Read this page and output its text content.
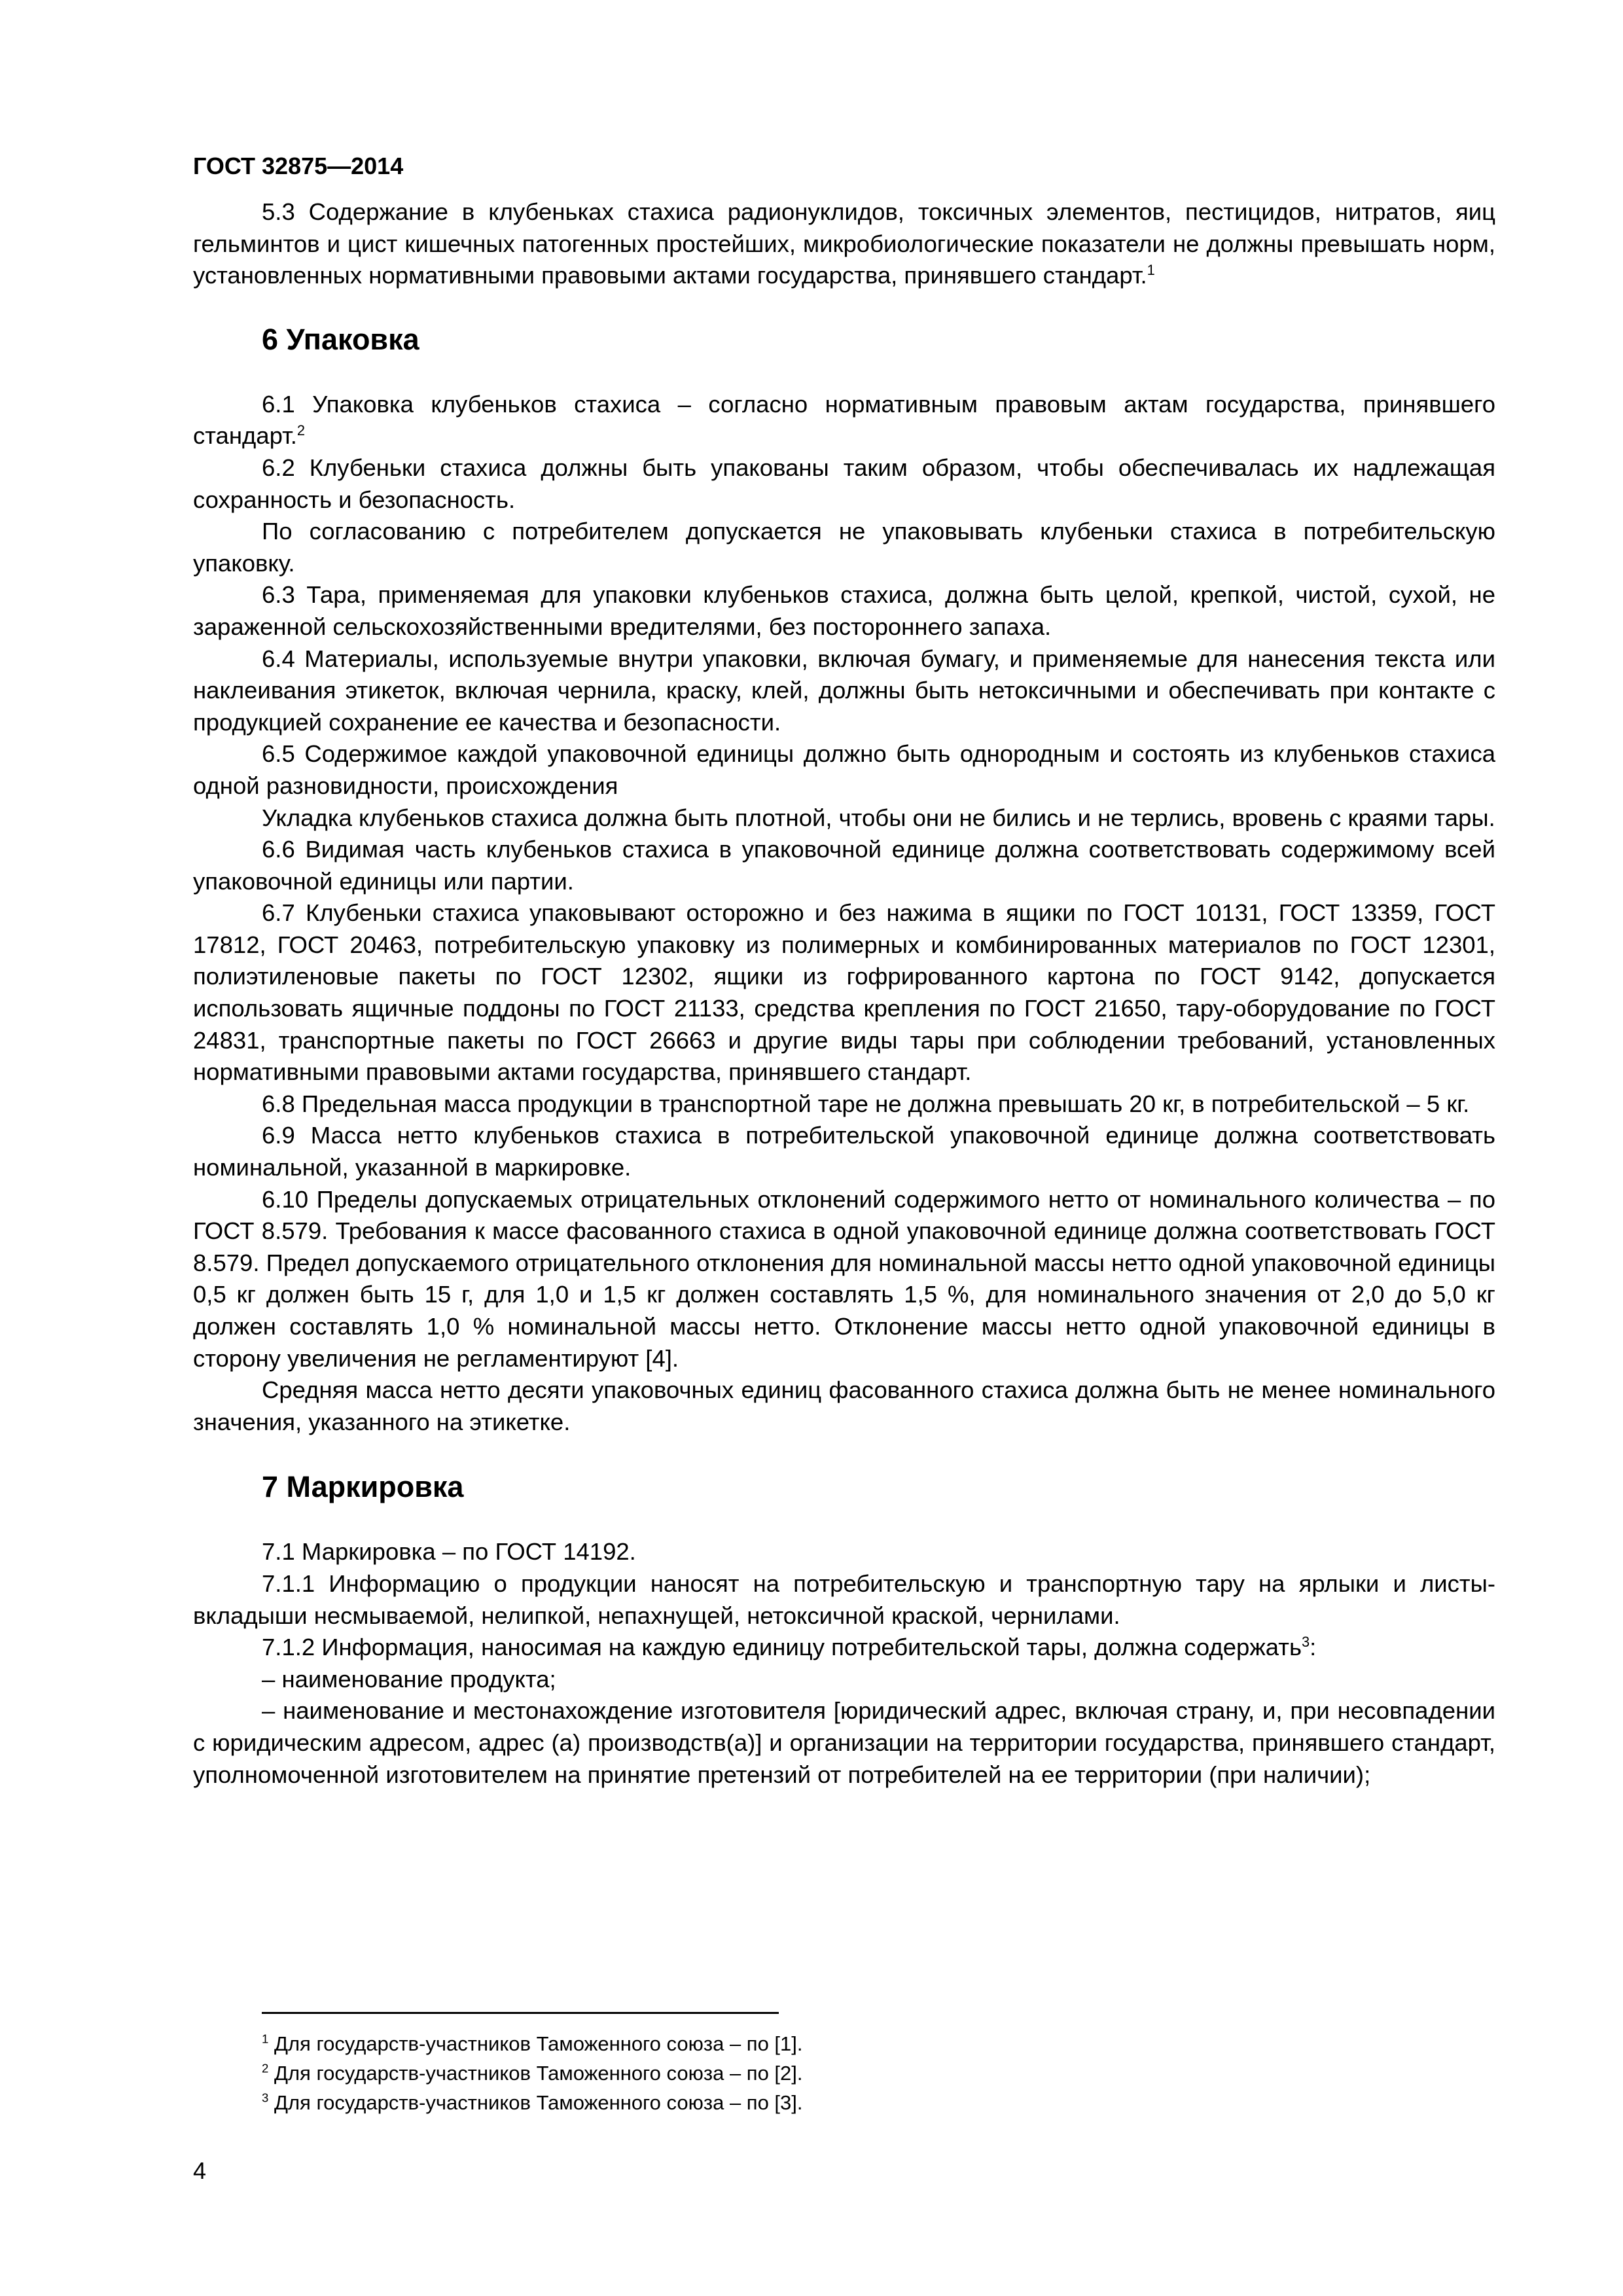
ГОСТ 32875—2014

5.3 Содержание в клубеньках стахиса радионуклидов, токсичных элементов, пестицидов, нитратов, яиц гельминтов и цист кишечных патогенных простейших, микробиологические показатели не должны превышать норм, установленных нормативными правовыми актами государства, принявшего стандарт.$^1$

6 Упаковка

6.1 Упаковка клубеньков стахиса – согласно нормативным правовым актам государства, принявшего стандарт.$^2$

6.2 Клубеньки стахиса должны быть упакованы таким образом, чтобы обеспечивалась их надлежащая сохранность и безопасность.

По согласованию с потребителем допускается не упаковывать клубеньки стахиса в потребительскую упаковку.

6.3 Тара, применяемая для упаковки клубеньков стахиса, должна быть целой, крепкой, чистой, сухой, не зараженной сельскохозяйственными вредителями, без постороннего запаха.

6.4 Материалы, используемые внутри упаковки, включая бумагу, и применяемые для нанесения текста или наклеивания этикеток, включая чернила, краску, клей, должны быть нетоксичными и обеспечивать при контакте с продукцией сохранение ее качества и безопасности.

6.5 Содержимое каждой упаковочной единицы должно быть однородным и состоять из клубеньков стахиса одной разновидности, происхождения

Укладка клубеньков стахиса должна быть плотной, чтобы они не бились и не терлись, вровень с краями тары.

6.6 Видимая часть клубеньков стахиса в упаковочной единице должна соответствовать содержимому всей упаковочной единицы или партии.

6.7 Клубеньки стахиса упаковывают осторожно и без нажима в ящики по ГОСТ 10131, ГОСТ 13359, ГОСТ 17812, ГОСТ 20463, потребительскую упаковку из полимерных и комбинированных материалов по ГОСТ 12301, полиэтиленовые пакеты по ГОСТ 12302, ящики из гофрированного картона по ГОСТ 9142, допускается использовать ящичные поддоны по ГОСТ 21133, средства крепления по ГОСТ 21650, тару-оборудование по ГОСТ 24831, транспортные пакеты по ГОСТ 26663 и другие виды тары при соблюдении требований, установленных нормативными правовыми актами государства, принявшего стандарт.

6.8 Предельная масса продукции в транспортной таре не должна превышать 20 кг, в потребительской – 5 кг.

6.9 Масса нетто клубеньков стахиса в потребительской упаковочной единице должна соответствовать номинальной, указанной в маркировке.

6.10 Пределы допускаемых отрицательных отклонений содержимого нетто от номинального количества – по ГОСТ 8.579. Требования к массе фасованного стахиса в одной упаковочной единице должна соответствовать ГОСТ 8.579. Предел допускаемого отрицательного отклонения для номинальной массы нетто одной упаковочной единицы 0,5 кг должен быть 15 г, для 1,0 и 1,5 кг должен составлять 1,5 %, для номинального значения от 2,0 до 5,0 кг должен составлять 1,0 % номинальной массы нетто. Отклонение массы нетто одной упаковочной единицы в сторону увеличения не регламентируют [4].

Средняя масса нетто десяти упаковочных единиц фасованного стахиса должна быть не менее номинального значения, указанного на этикетке.

7 Маркировка

7.1 Маркировка – по ГОСТ 14192.

7.1.1 Информацию о продукции наносят на потребительскую и транспортную тару на ярлыки и листы-вкладыши несмываемой, нелипкой, непахнущей, нетоксичной краской, чернилами.

7.1.2 Информация, наносимая на каждую единицу потребительской тары, должна содержать$^3$:

– наименование продукта;

– наименование и местонахождение изготовителя [юридический адрес, включая страну, и, при несовпадении с юридическим адресом, адрес (а) производств(а)] и организации на территории государства, принявшего стандарт, уполномоченной изготовителем на принятие претензий от потребителей на ее территории (при наличии);

$^1$ Для государств-участников Таможенного союза – по [1].
$^2$ Для государств-участников Таможенного союза – по [2].
$^3$ Для государств-участников Таможенного союза – по [3].
4
